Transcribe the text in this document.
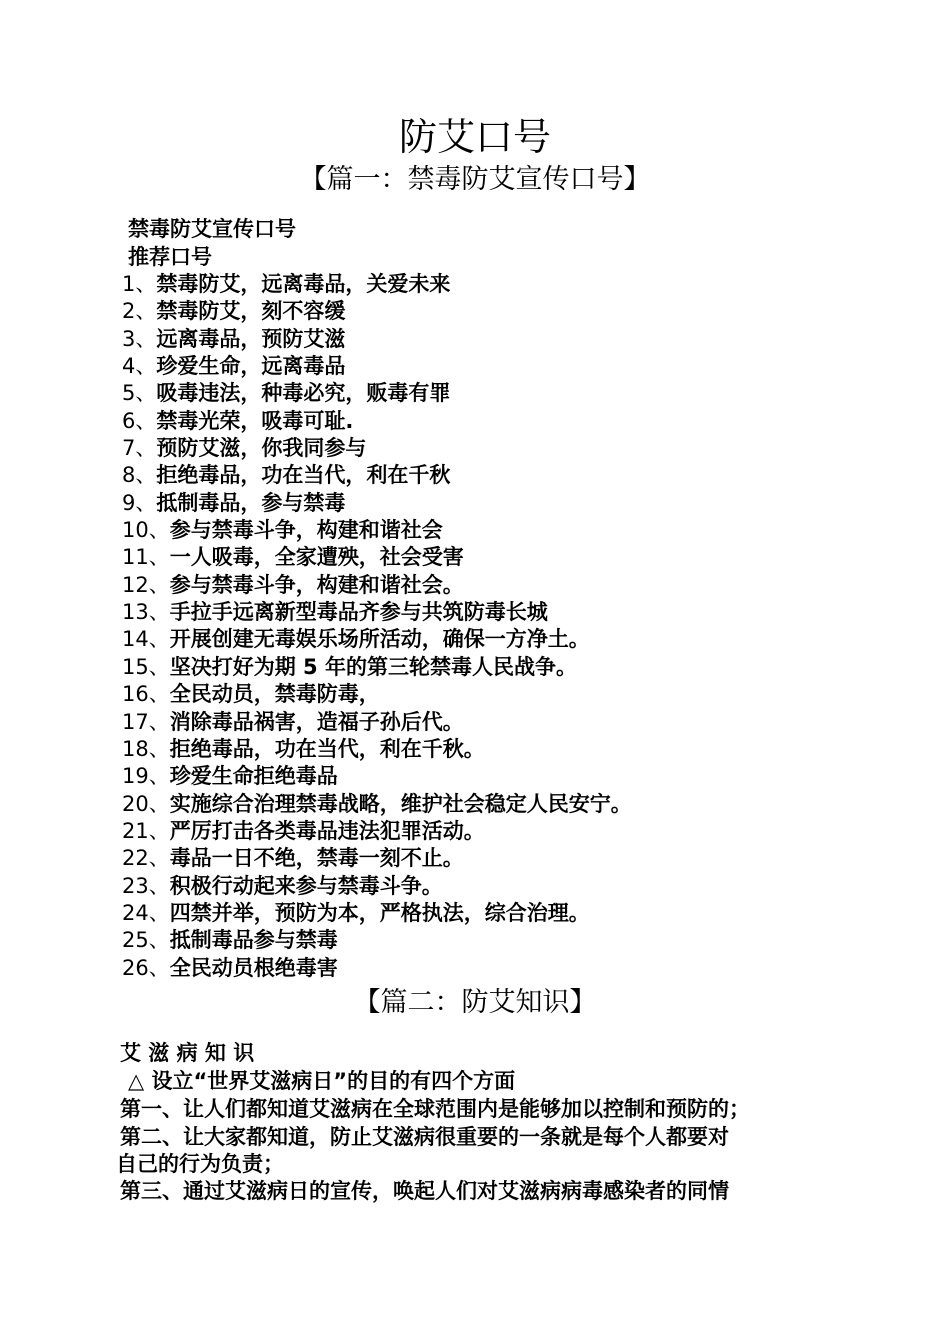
防艾口号
【篇一：禁毒防艾宣传口号】

禁毒防艾宣传口号

推荐口号

1、禁毒防艾，远离毒品，关爱未来
2、禁毒防艾，刻不容缓
3、远离毒品，预防艾滋
4、珍爱生命，远离毒品
5、吸毒违法，种毒必究，贩毒有罪
6、禁毒光荣，吸毒可耻.
7、预防艾滋，你我同参与
8、拒绝毒品，功在当代，利在千秋
9、抵制毒品，参与禁毒
10、参与禁毒斗争，构建和谐社会
11、一人吸毒，全家遭殃，社会受害
12、参与禁毒斗争，构建和谐社会。
13、手拉手远离新型毒品齐参与共筑防毒长城
14、开展创建无毒娱乐场所活动，确保一方净土。
15、坚决打好为期 5 年的第三轮禁毒人民战争。
16、全民动员，禁毒防毒，
17、消除毒品祸害，造福子孙后代。
18、拒绝毒品，功在当代，利在千秋。
19、珍爱生命拒绝毒品
20、实施综合治理禁毒战略，维护社会稳定人民安宁。
21、严厉打击各类毒品违法犯罪活动。
22、毒品一日不绝，禁毒一刻不止。
23、积极行动起来参与禁毒斗争。
24、四禁并举，预防为本，严格执法，综合治理。
25、抵制毒品参与禁毒
26、全民动员根绝毒害
【篇二：防艾知识】

艾 滋 病 知 识

△ 设立“世界艾滋病日”的目的有四个方面

第一、让人们都知道艾滋病在全球范围内是能够加以控制和预防的；

第二、让大家都知道，防止艾滋病很重要的一条就是每个人都要对

自己的行为负责；

第三、通过艾滋病日的宣传，唤起人们对艾滋病病毒感染者的同情
